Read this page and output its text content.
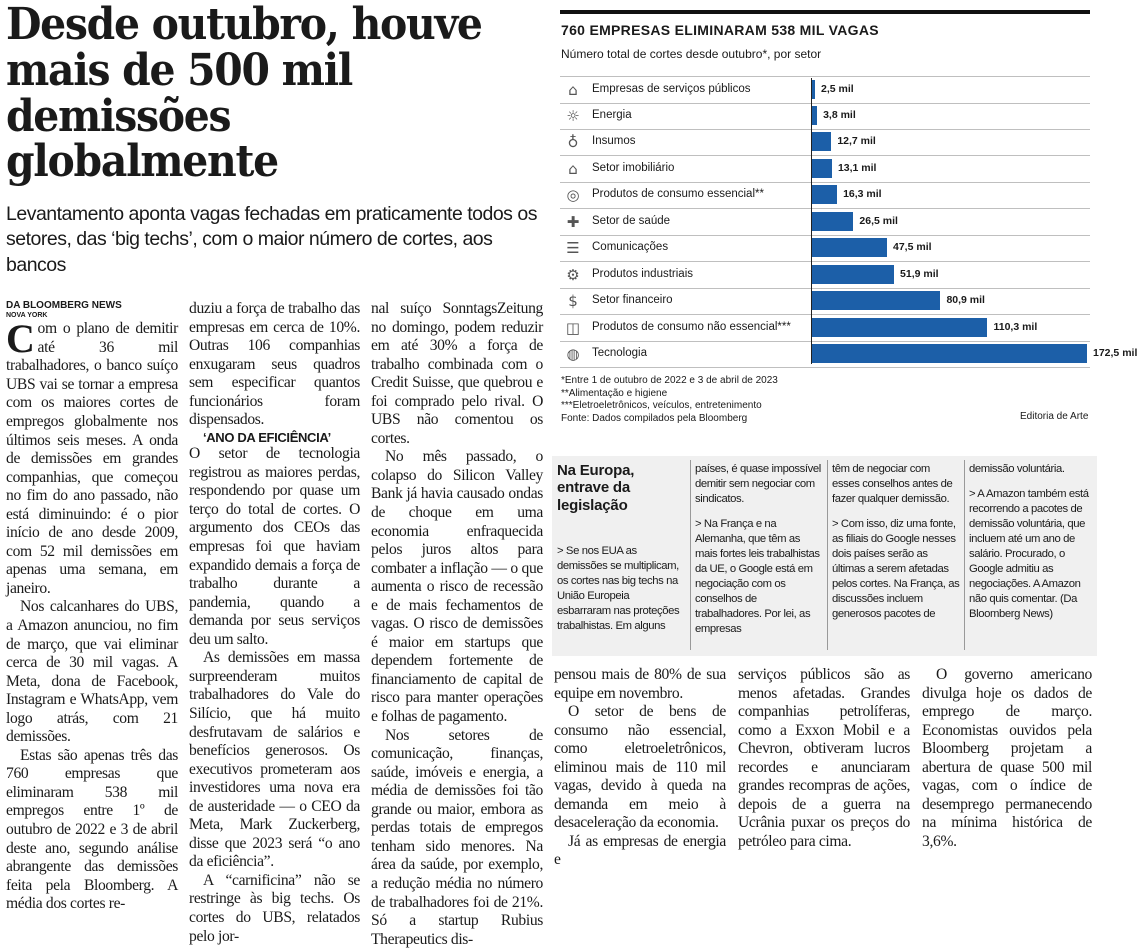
Desde outubro, houve mais de 500 mil demissões globalmente

Levantamento aponta vagas fechadas em praticamente todos os setores, das ‘big techs’, com o maior número de cortes, aos bancos

DA BLOOMBERG NEWS

NOVA YORK

Com o plano de demitir até 36 mil trabalhadores, o banco suíço UBS vai se tornar a empresa com os maiores cortes de empregos globalmente nos últimos seis meses. A onda de demissões em grandes companhias, que começou no fim do ano passado, não está diminuindo: é o pior início de ano desde 2009, com 52 mil demissões em apenas uma semana, em janeiro.

Nos calcanhares do UBS, a Amazon anunciou, no fim de março, que vai eliminar cerca de 30 mil vagas. A Meta, dona de Facebook, Instagram e WhatsApp, vem logo atrás, com 21 demissões.

Estas são apenas três das 760 empresas que eliminaram 538 mil empregos entre 1º de outubro de 2022 e 3 de abril deste ano, segundo análise abrangente das demissões feita pela Bloomberg. A média dos cortes re-

duziu a força de trabalho das empresas em cerca de 10%. Outras 106 companhias enxugaram seus quadros sem especificar quantos funcionários foram dispensados.

‘ANO DA EFICIÊNCIA’

O setor de tecnologia registrou as maiores perdas, respondendo por quase um terço do total de cortes. O argumento dos CEOs das empresas foi que haviam expandido demais a força de trabalho durante a pandemia, quando a demanda por seus serviços deu um salto.

As demissões em massa surpreenderam muitos trabalhadores do Vale do Silício, que há muito desfrutavam de salários e benefícios generosos. Os executivos prometeram aos investidores uma nova era de austeridade — o CEO da Meta, Mark Zuckerberg, disse que 2023 será “o ano da eficiência”.

A “carnificina” não se restringe às big techs. Os cortes do UBS, relatados pelo jor-

nal suíço SonntagsZeitung no domingo, podem reduzir em até 30% a força de trabalho combinada com o Credit Suisse, que quebrou e foi comprado pelo rival. O UBS não comentou os cortes.

No mês passado, o colapso do Silicon Valley Bank já havia causado ondas de choque em uma economia enfraquecida pelos juros altos para combater a inflação — o que aumenta o risco de recessão e de mais fechamentos de vagas. O risco de demissões é maior em startups que dependem fortemente de financiamento de capital de risco para manter operações e folhas de pagamento.

Nos setores de comunicação, finanças, saúde, imóveis e energia, a média de demissões foi tão grande ou maior, embora as perdas totais de empregos tenham sido menores. Na área da saúde, por exemplo, a redução média no número de trabalhadores foi de 21%. Só a startup Rubius Therapeutics dis-

760 EMPRESAS ELIMINARAM 538 MIL VAGAS
Número total de cortes desde outubro*, por setor
⌂	Empresas de serviços públicos	2,5 mil
☼	Energia	3,8 mil
♁	Insumos	12,7 mil
⌂	Setor imobiliário	13,1 mil
◎	Produtos de consumo essencial**	16,3 mil
✚	Setor de saúde	26,5 mil
☰	Comunicações	47,5 mil
⚙	Produtos industriais	51,9 mil
$	Setor financeiro	80,9 mil
◫	Produtos de consumo não essencial***	110,3 mil
◍	Tecnologia	172,5 mil
*Entre 1 de outubro de 2022 e 3 de abril de 2023
**Alimentação e higiene
***Eletroeletrônicos, veículos, entretenimento
Fonte: Dados compilados pela Bloomberg	Editoria de Arte
Na Europa, entrave da legislação
> Se nos EUA as demissões se multiplicam, os cortes nas big techs na União Europeia esbarraram nas proteções trabalhistas. Em alguns
países, é quase impossível demitir sem negociar com sindicatos.
> Na França e na Alemanha, que têm as mais fortes leis trabalhistas da UE, o Google está em negociação com os conselhos de trabalhadores. Por lei, as empresas
têm de negociar com esses conselhos antes de fazer qualquer demissão.
> Com isso, diz uma fonte, as filiais do Google nesses dois países serão as últimas a serem afetadas pelos cortes. Na França, as discussões incluem generosos pacotes de
demissão voluntária.
> A Amazon também está recorrendo a pacotes de demissão voluntária, que incluem até um ano de salário. Procurado, o Google admitiu as negociações. A Amazon não quis comentar. (Da Bloomberg News)

pensou mais de 80% de sua equipe em novembro.

O setor de bens de consumo não essencial, como eletroeletrônicos, eliminou mais de 110 mil vagas, devido à queda na demanda em meio à desaceleração da economia.

Já as empresas de energia e

serviços públicos são as menos afetadas. Grandes companhias petrolíferas, como a Exxon Mobil e a Chevron, obtiveram lucros recordes e anunciaram grandes recompras de ações, depois de a guerra na Ucrânia puxar os preços do petróleo para cima.

O governo americano divulga hoje os dados de emprego de março. Economistas ouvidos pela Bloomberg projetam a abertura de quase 500 mil vagas, com o índice de desemprego permanecendo na mínima histórica de 3,6%.
